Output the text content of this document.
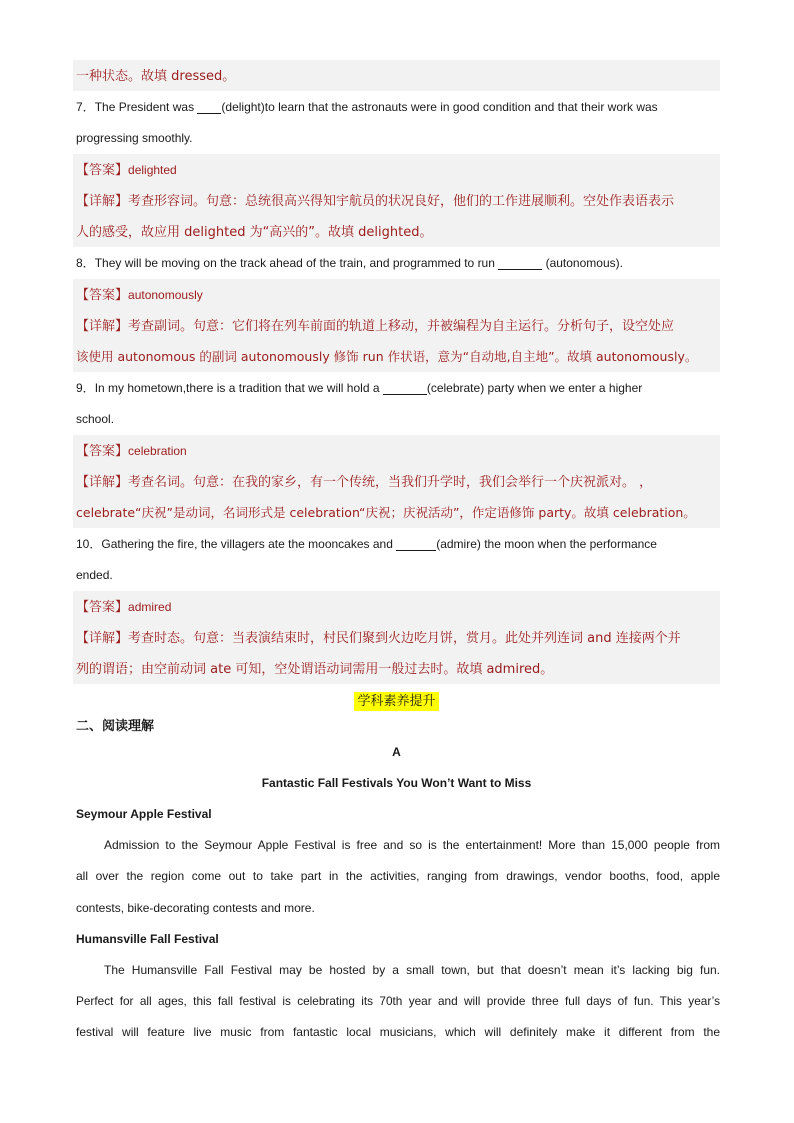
一种状态。故填 dressed。
7．The President was (delight)to learn that the astronauts were in good condition and that their work was
progressing smoothly.
【答案】delighted
【详解】考查形容词。句意：总统很高兴得知宇航员的状况良好，他们的工作进展顺利。空处作表语表示
人的感受，故应用 delighted 为“高兴的”。故填 delighted。
8．They will be moving on the track ahead of the train, and programmed to run	(autonomous).
【答案】autonomously
【详解】考查副词。句意：它们将在列车前面的轨道上移动，并被编程为自主运行。分析句子，设空处应
该使用 autonomous 的副词 autonomously 修饰 run 作状语，意为“自动地,自主地”。故填 autonomously。
9．In my hometown,there is a tradition that we will hold a	(celebrate) party when we enter a higher
school.
【答案】celebration
【详解】考查名词。句意：在我的家乡，有一个传统，当我们升学时，我们会举行一个庆祝派对。 ，
celebrate“庆祝”是动词，名词形式是 celebration“庆祝；庆祝活动”，作定语修饰 party。故填 celebration。
10．Gathering the fire, the villagers ate the mooncakes and	(admire) the moon when the performance
ended.
【答案】admired
【详解】考查时态。句意：当表演结束时，村民们聚到火边吃月饼，赏月。此处并列连词 and 连接两个并
列的谓语；由空前动词 ate 可知，空处谓语动词需用一般过去时。故填 admired。
学科素养提升
二、阅读理解
A
Fantastic Fall Festivals You Won’t Want to Miss
Seymour Apple Festival
Admission to the Seymour Apple Festival is free and so is the entertainment! More than 15,000 people from
all over the region come out to take part in the activities, ranging from drawings, vendor booths, food, apple
contests, bike-decorating contests and more.
Humansville Fall Festival
The Humansville Fall Festival may be hosted by a small town, but that doesn’t mean it’s lacking big fun.
Perfect for all ages, this fall festival is celebrating its 70th year and will provide three full days of fun. This year’s
festival will feature live music from fantastic local musicians, which will definitely make it different from the
